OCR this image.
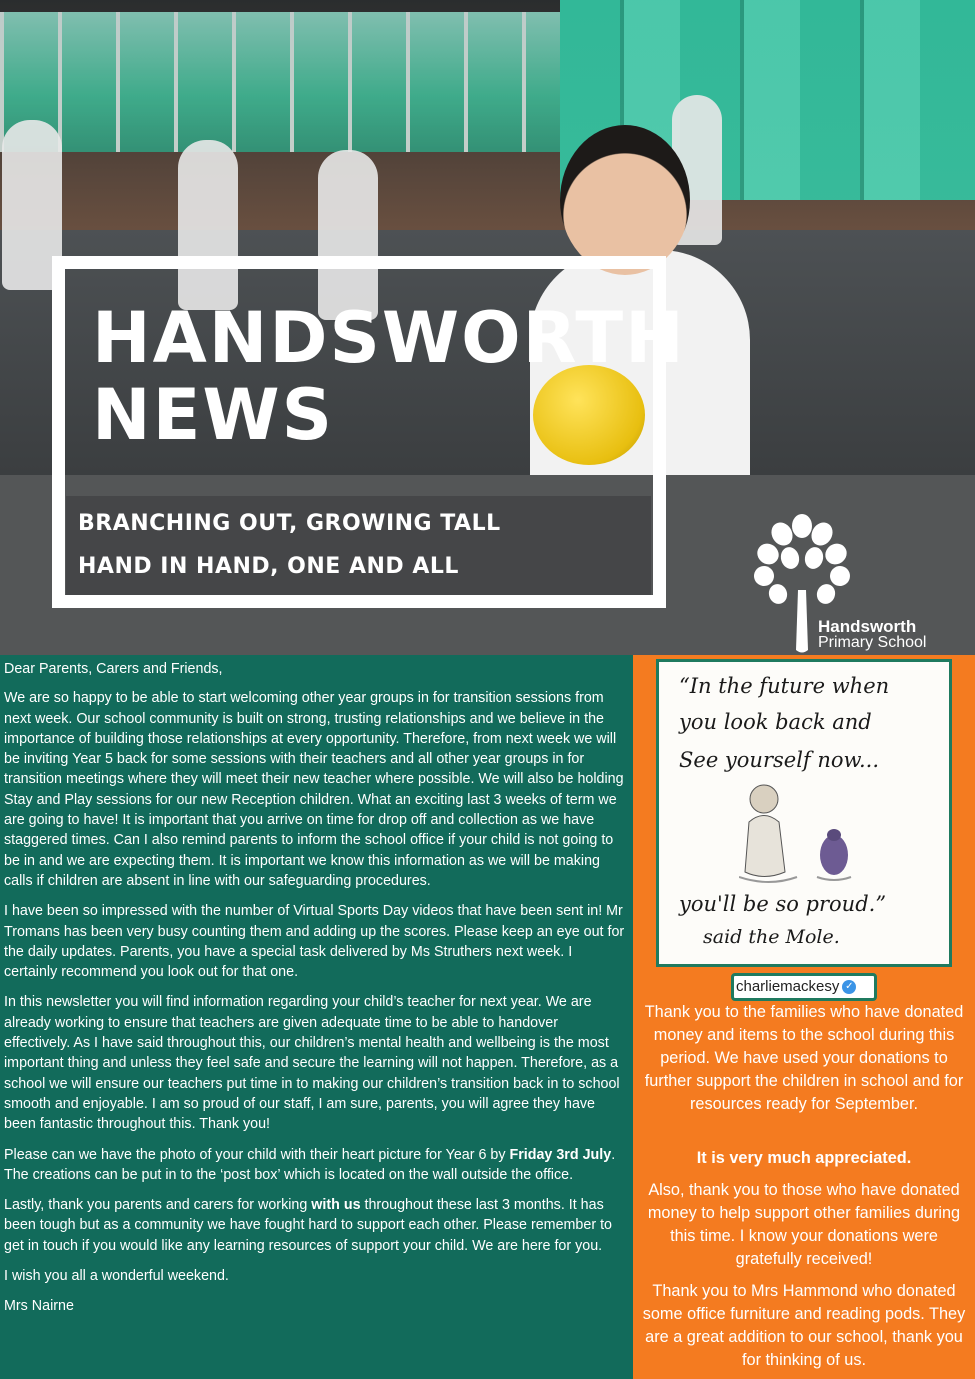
HANDSWORTH
NEWS
BRANCHING OUT, GROWING TALL
HAND IN HAND, ONE AND ALL
Handsworth
Primary School

Dear Parents, Carers and Friends,

We are so happy to be able to start welcoming other year groups in for transition sessions from next week. Our school community is built on strong, trusting relationships and we believe in the importance of building those relationships at every opportunity. Therefore, from next week we will be inviting Year 5 back for some sessions with their teachers and all other year groups in for transition meetings where they will meet their new teacher where possible. We will also be holding Stay and Play sessions for our new Reception children. What an exciting last 3 weeks of term we are going to have! It is important that you arrive on time for drop off and collection as we have staggered times. Can I also remind parents to inform the school office if your child is not going to be in and we are expecting them. It is important we know this information as we will be making calls if children are absent in line with our safeguarding procedures.

I have been so impressed with the number of Virtual Sports Day videos that have been sent in! Mr Tromans has been very busy counting them and adding up the scores. Please keep an eye out for the daily updates. Parents, you have a special task delivered by Ms Struthers next week. I certainly recommend you look out for that one.

In this newsletter you will find information regarding your child’s teacher for next year. We are already working to ensure that teachers are given adequate time to be able to handover effectively. As I have said throughout this, our children’s mental health and wellbeing is the most important thing and unless they feel safe and secure the learning will not happen. Therefore, as a school we will ensure our teachers put time in to making our children’s transition back in to school smooth and enjoyable. I am so proud of our staff, I am sure, parents, you will agree they have been fantastic throughout this. Thank you!

Please can we have the photo of your child with their heart picture for Year 6 by Friday 3rd July. The creations can be put in to the ‘post box’ which is located on the wall outside the office.

Lastly, thank you parents and carers for working with us throughout these last 3 months. It has been tough but as a community we have fought hard to support each other. Please remember to get in touch if you would like any learning resources of support your child. We are here for you.

I wish you all a wonderful weekend.

Mrs Nairne

“In the future when
you look back and
See yourself now...
you'll be so proud.”
said the Mole.
charliemackesy ✓
Thank you to the families who have donated money and items to the school during this period. We have used your donations to further support the children in school and for resources ready for September.
It is very much appreciated.
Also, thank you to those who have donated money to help support other families during this time. I know your donations were gratefully received!
Thank you to Mrs Hammond who donated some office furniture and reading pods. They are a great addition to our school, thank you for thinking of us.
